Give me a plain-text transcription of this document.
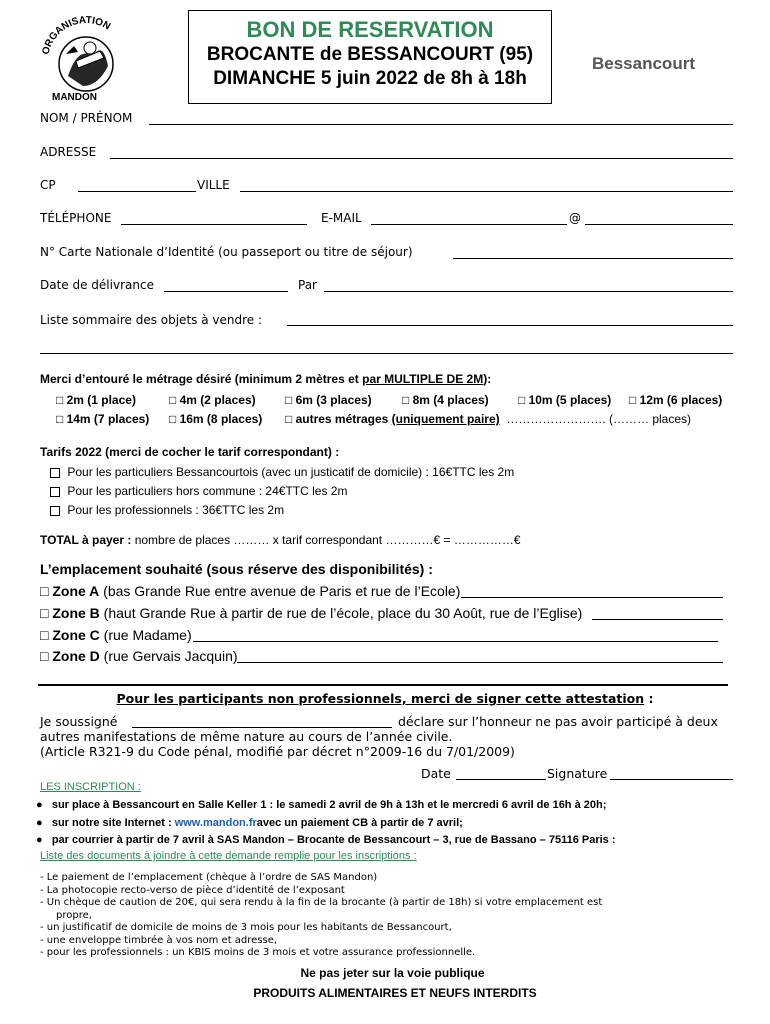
ORGANISATION
MANDON
BON DE RESERVATION
BROCANTE de BESSANCOURT (95)
DIMANCHE 5 juin 2022 de 8h à 18h
Bessancourt
NOM / PRÉNOM
ADRESSE
CP	VILLE
TÉLÉPHONE	E-MAIL	@
N° Carte Nationale d’Identité (ou passeport ou titre de séjour)
Date de délivrance	Par
Liste sommaire des objets à vendre :
Merci d’entouré le métrage désiré (minimum 2 mètres et par MULTIPLE DE 2M):
□ 2m (1 place)	□ 4m (2 places) □ 6m (3 places)	□ 8m (4 places) □ 10m (5 places) □ 12m (6 places)
□ 14m (7 places) □ 16m (8 places) □ autres métrages (uniquement paire) ……………………. (……… places)
Tarifs 2022 (merci de cocher le tarif correspondant) :
Pour les particuliers Bessancourtois (avec un justicatif de domicile) : 16€TTC les 2m
Pour les particuliers hors commune : 24€TTC les 2m
Pour les professionnels : 36€TTC les 2m
TOTAL à payer : nombre de places ……… x tarif correspondant …………€ = ……………€
L’emplacement souhaité (sous réserve des disponibilités) :
□ Zone A (bas Grande Rue entre avenue de Paris et rue de l’Ecole)
□ Zone B (haut Grande Rue à partir de rue de l’école, place du 30 Août, rue de l’Eglise)
□ Zone C (rue Madame)
□ Zone D (rue Gervais Jacquin)
Pour les participants non professionnels, merci de signer cette attestation :
Je soussigné	déclare sur l’honneur ne pas avoir participé à deux
autres manifestations de même nature au cours de l’année civile.
(Article R321-9 du Code pénal, modifié par décret n°2009-16 du 7/01/2009)
Date	Signature
LES INSCRIPTION :
● sur place à Bessancourt en Salle Keller 1 : le samedi 2 avril de 9h à 13h et le mercredi 6 avril de 16h à 20h;
● sur notre site Internet : www.mandon.fravec un paiement CB à partir de 7 avril;
● par courrier à partir de 7 avril à SAS Mandon – Brocante de Bessancourt – 3, rue de Bassano – 75116 Paris :
Liste des documents à joindre à cette demande remplie pour les inscriptions :
- Le paiement de l’emplacement (chèque à l’ordre de SAS Mandon)
- La photocopie recto-verso de pièce d’identité de l’exposant
- Un chèque de caution de 20€, qui sera rendu à la fin de la brocante (à partir de 18h) si votre emplacement est
propre,
- un justificatif de domicile de moins de 3 mois pour les habitants de Bessancourt,
- une enveloppe timbrée à vos nom et adresse,
- pour les professionnels : un KBIS moins de 3 mois et votre assurance professionnelle.
Ne pas jeter sur la voie publique
PRODUITS ALIMENTAIRES ET NEUFS INTERDITS
